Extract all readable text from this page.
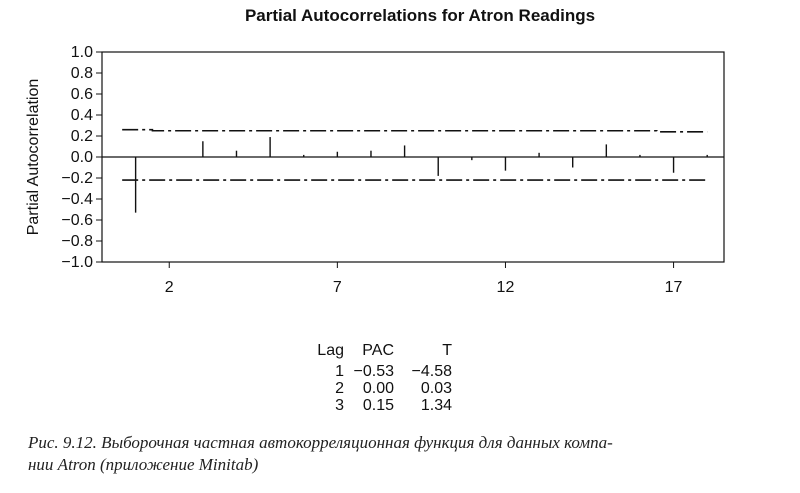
Partial Autocorrelations for Atron Readings
1.0
0.8
0.6
0.4
0.2
0.0
−0.2
−0.4
−0.6
−0.8
−1.0
2	7	12	17
Partial Autocorrelation
Lag	PAC	T
1	−0.53	−4.58
2	0.00	0.03
3	0.15	1.34
Рис. 9.12. Выборочная частная автокорреляционная функция для данных компа-
нии Atron (приложение Minitab)
